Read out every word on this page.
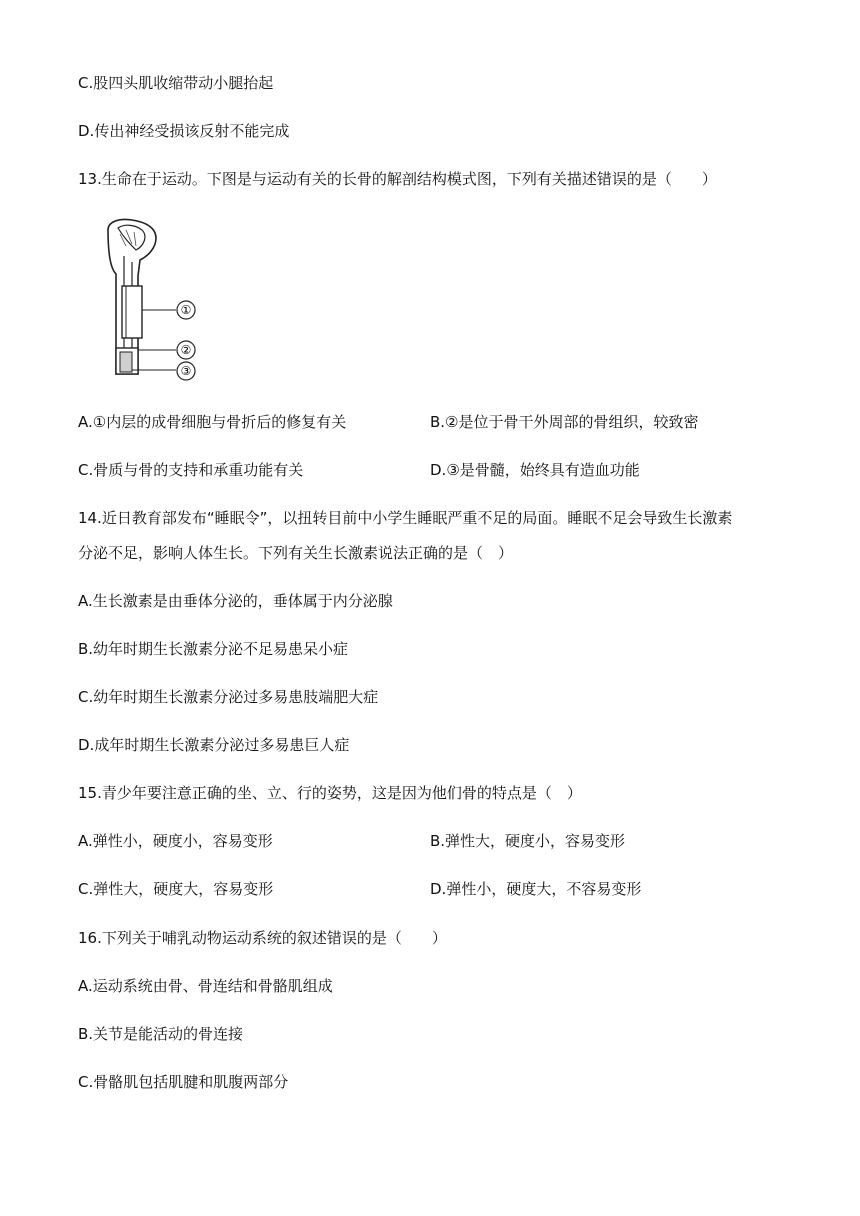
C.股四头肌收缩带动小腿抬起
D.传出神经受损该反射不能完成
13.生命在于运动。下图是与运动有关的长骨的解剖结构模式图，下列有关描述错误的是（　　）
①
②
③
A.①内层的成骨细胞与骨折后的修复有关	B.②是位于骨干外周部的骨组织，较致密
C.骨质与骨的支持和承重功能有关	D.③是骨髓，始终具有造血功能
14.近日教育部发布“睡眠令”，以扭转目前中小学生睡眠严重不足的局面。睡眠不足会导致生长激素
分泌不足，影响人体生长。下列有关生长激素说法正确的是（　）
A.生长激素是由垂体分泌的，垂体属于内分泌腺
B.幼年时期生长激素分泌不足易患呆小症
C.幼年时期生长激素分泌过多易患肢端肥大症
D.成年时期生长激素分泌过多易患巨人症
15.青少年要注意正确的坐、立、行的姿势，这是因为他们骨的特点是（　）
A.弹性小，硬度小，容易变形	B.弹性大，硬度小，容易变形
C.弹性大，硬度大，容易变形	D.弹性小，硬度大，不容易变形
16.下列关于哺乳动物运动系统的叙述错误的是（　　）
A.运动系统由骨、骨连结和骨骼肌组成
B.关节是能活动的骨连接
C.骨骼肌包括肌腱和肌腹两部分
